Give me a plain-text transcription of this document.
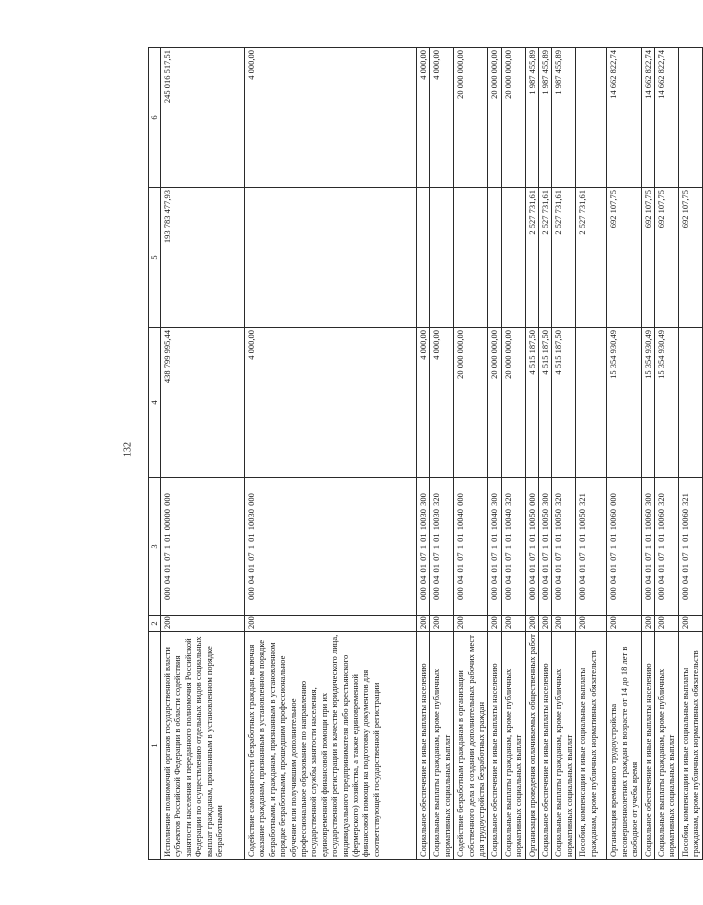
132
1	2	3	4	5	6
Исполнение полномочий органов государственной власти субъектов Российской Федерации в области содействия занятости населения и переданного полномочия Российской Федерации по осуществлению отдельных видов социальных выплат гражданам, признанным в установленном порядке безработными	200	000 04 01 07 1 01 00000 000	438 799 995,44	193 783 477,93	245 016 517,51
Содействие самозанятости безработных граждан, включая оказание гражданам, признанным в установленном порядке безработными, и гражданам, признанным в установленном порядке безработными, прошедшим профессиональное обучение или получившим дополнительное профессиональное образование по направлению государственной службы занятости населения, единовременной финансовой помощи при их государственной регистрации в качестве юридического лица, индивидуального предпринимателя либо крестьянского (фермерского) хозяйства, а также единовременной финансовой помощи на подготовку документов для соответствующей государственной регистрации	200	000 04 01 07 1 01 10030 000	4 000,00		4 000,00
Социальное обеспечение и иные выплаты населению	200	000 04 01 07 1 01 10030 300	4 000,00		4 000,00
Социальные выплаты гражданам, кроме публичных нормативных социальных выплат	200	000 04 01 07 1 01 10030 320	4 000,00		4 000,00
Содействие безработным гражданам в организации собственного дела и создании дополнительных рабочих мест для трудоустройства безработных граждан	200	000 04 01 07 1 01 10040 000	20 000 000,00		20 000 000,00
Социальное обеспечение и иные выплаты населению	200	000 04 01 07 1 01 10040 300	20 000 000,00		20 000 000,00
Социальные выплаты гражданам, кроме публичных нормативных социальных выплат	200	000 04 01 07 1 01 10040 320	20 000 000,00		20 000 000,00
Организация проведения оплачиваемых общественных работ	200	000 04 01 07 1 01 10050 000	4 515 187,50	2 527 731,61	1 987 455,89
Социальное обеспечение и иные выплаты населению	200	000 04 01 07 1 01 10050 300	4 515 187,50	2 527 731,61	1 987 455,89
Социальные выплаты гражданам, кроме публичных нормативных социальных выплат	200	000 04 01 07 1 01 10050 320	4 515 187,50	2 527 731,61	1 987 455,89
Пособия, компенсации и иные социальные выплаты гражданам, кроме публичных нормативных обязательств	200	000 04 01 07 1 01 10050 321		2 527 731,61	
Организация временного трудоустройства несовершеннолетних граждан в возрасте от 14 до 18 лет в свободное от учебы время	200	000 04 01 07 1 01 10060 000	15 354 930,49	692 107,75	14 662 822,74
Социальное обеспечение и иные выплаты населению	200	000 04 01 07 1 01 10060 300	15 354 930,49	692 107,75	14 662 822,74
Социальные выплаты гражданам, кроме публичных нормативных социальных выплат	200	000 04 01 07 1 01 10060 320	15 354 930,49	692 107,75	14 662 822,74
Пособия, компенсации и иные социальные выплаты гражданам, кроме публичных нормативных обязательств	200	000 04 01 07 1 01 10060 321		692 107,75	
